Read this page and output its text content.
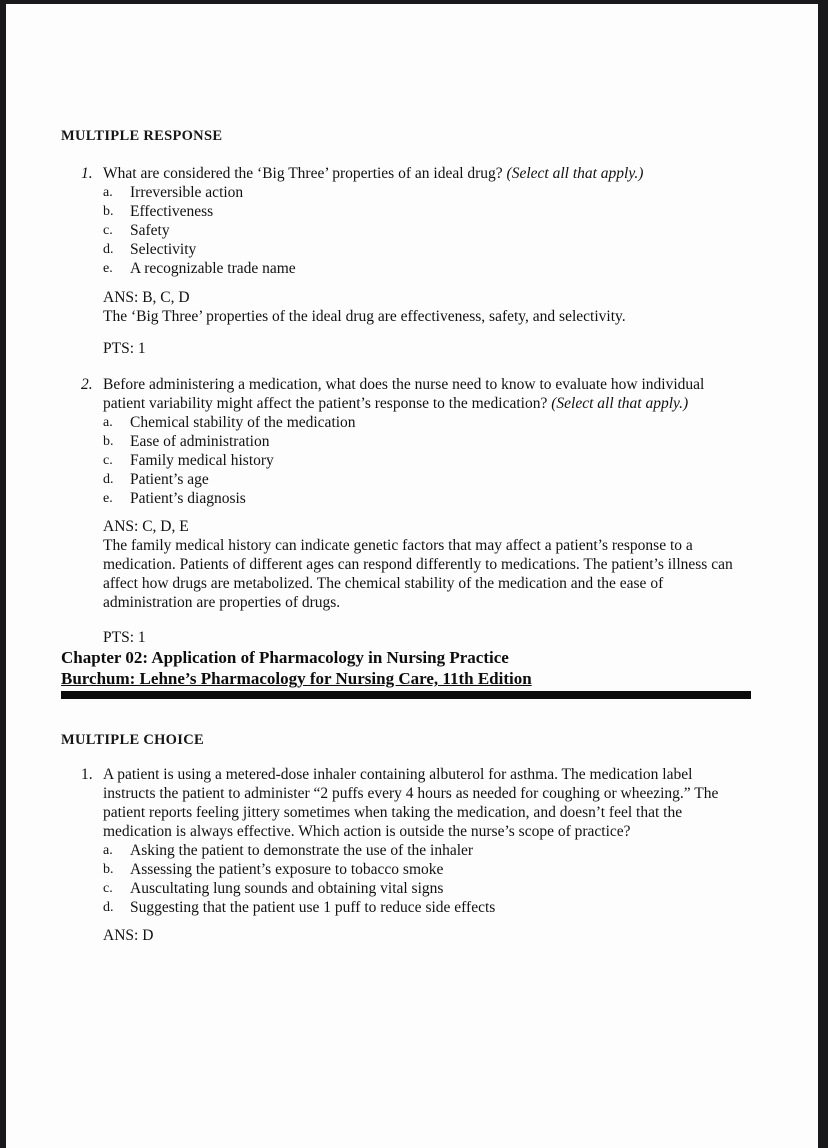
MULTIPLE RESPONSE
1. What are considered the ‘Big Three’ properties of an ideal drug? (Select all that apply.)
a.	Irreversible action
b.	Effectiveness
c.	Safety
d.	Selectivity
e.	A recognizable trade name
ANS: B, C, D
The ‘Big Three’ properties of the ideal drug are effectiveness, safety, and selectivity.
PTS: 1
2. Before administering a medication, what does the nurse need to know to evaluate how individual patient variability might affect the patient’s response to the medication? (Select all that apply.)
a.	Chemical stability of the medication
b.	Ease of administration
c.	Family medical history
d.	Patient’s age
e.	Patient’s diagnosis
ANS: C, D, E
The family medical history can indicate genetic factors that may affect a patient’s response to a medication. Patients of different ages can respond differently to medications. The patient’s illness can affect how drugs are metabolized. The chemical stability of the medication and the ease of administration are properties of drugs.
PTS: 1
Chapter 02: Application of Pharmacology in Nursing Practice
Burchum: Lehne’s Pharmacology for Nursing Care, 11th Edition
MULTIPLE CHOICE
1. A patient is using a metered-dose inhaler containing albuterol for asthma. The medication label instructs the patient to administer “2 puffs every 4 hours as needed for coughing or wheezing.” The patient reports feeling jittery sometimes when taking the medication, and doesn’t feel that the medication is always effective. Which action is outside the nurse’s scope of practice?
a.	Asking the patient to demonstrate the use of the inhaler
b.	Assessing the patient’s exposure to tobacco smoke
c.	Auscultating lung sounds and obtaining vital signs
d.	Suggesting that the patient use 1 puff to reduce side effects
ANS: D
